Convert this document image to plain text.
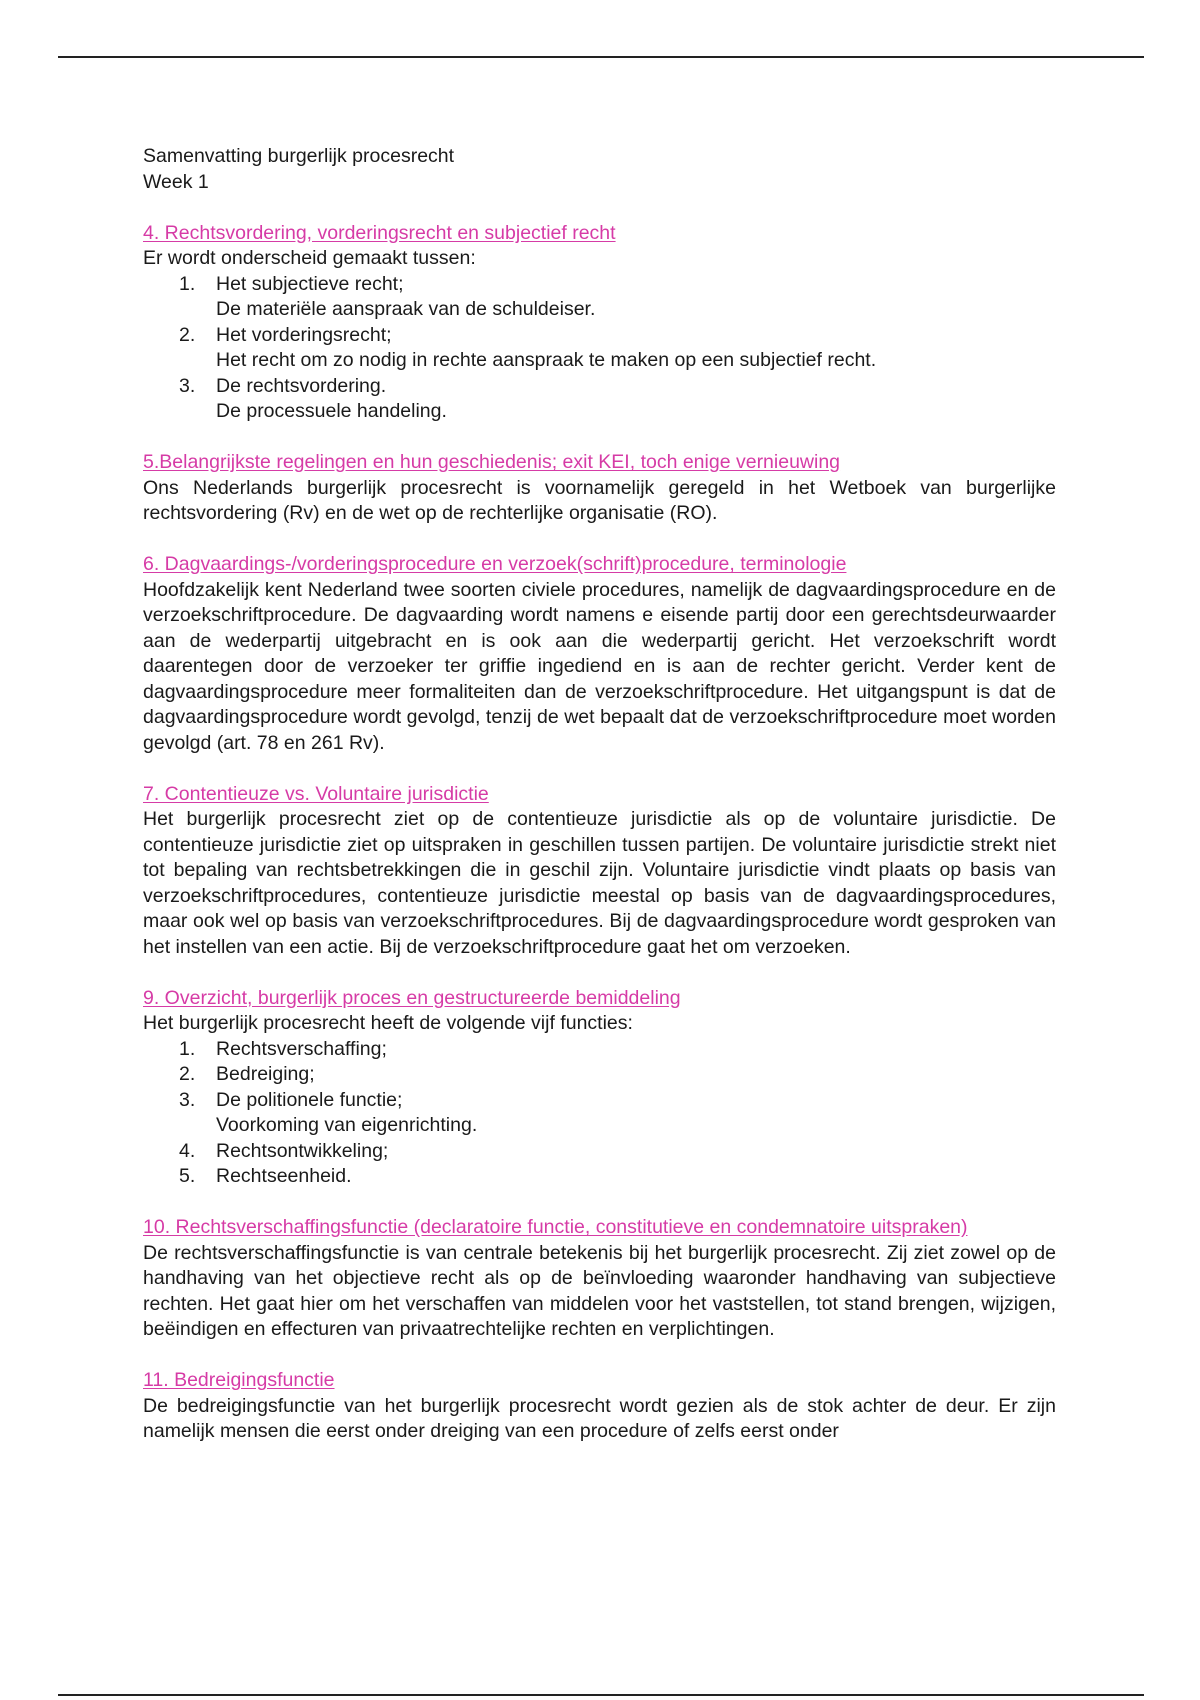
Samenvatting burgerlijk procesrecht

Week 1

4. Rechtsvordering, vorderingsrecht en subjectief recht

Er wordt onderscheid gemaakt tussen:

1.	Het subjectieve recht;
De materiële aanspraak van de schuldeiser.
2.	Het vorderingsrecht;
Het recht om zo nodig in rechte aanspraak te maken op een subjectief recht.
3.	De rechtsvordering.
De processuele handeling.
5.Belangrijkste regelingen en hun geschiedenis; exit KEI, toch enige vernieuwing

Ons Nederlands burgerlijk procesrecht is voornamelijk geregeld in het Wetboek van burgerlijke rechtsvordering (Rv) en de wet op de rechterlijke organisatie (RO).

6. Dagvaardings-/vorderingsprocedure en verzoek(schrift)procedure, terminologie

Hoofdzakelijk kent Nederland twee soorten civiele procedures, namelijk de dagvaardingsprocedure en de verzoekschriftprocedure. De dagvaarding wordt namens e eisende partij door een gerechtsdeurwaarder aan de wederpartij uitgebracht en is ook aan die wederpartij gericht. Het verzoekschrift wordt daarentegen door de verzoeker ter griffie ingediend en is aan de rechter gericht. Verder kent de dagvaardingsprocedure meer formaliteiten dan de verzoekschriftprocedure. Het uitgangspunt is dat de dagvaardingsprocedure wordt gevolgd, tenzij de wet bepaalt dat de verzoekschriftprocedure moet worden gevolgd (art. 78 en 261 Rv).

7. Contentieuze vs. Voluntaire jurisdictie

Het burgerlijk procesrecht ziet op de contentieuze jurisdictie als op de voluntaire jurisdictie. De contentieuze jurisdictie ziet op uitspraken in geschillen tussen partijen. De voluntaire jurisdictie strekt niet tot bepaling van rechtsbetrekkingen die in geschil zijn. Voluntaire jurisdictie vindt plaats op basis van verzoekschriftprocedures, contentieuze jurisdictie meestal op basis van de dagvaardingsprocedures, maar ook wel op basis van verzoekschriftprocedures. Bij de dagvaardingsprocedure wordt gesproken van het instellen van een actie. Bij de verzoekschriftprocedure gaat het om verzoeken.

9. Overzicht, burgerlijk proces en gestructureerde bemiddeling

Het burgerlijk procesrecht heeft de volgende vijf functies:

1.	Rechtsverschaffing;
2.	Bedreiging;
3.	De politionele functie;
Voorkoming van eigenrichting.
4.	Rechtsontwikkeling;
5.	Rechtseenheid.
10. Rechtsverschaffingsfunctie (declaratoire functie, constitutieve en condemnatoire uitspraken)

De rechtsverschaffingsfunctie is van centrale betekenis bij het burgerlijk procesrecht. Zij ziet zowel op de handhaving van het objectieve recht als op de beïnvloeding waaronder handhaving van subjectieve rechten. Het gaat hier om het verschaffen van middelen voor het vaststellen, tot stand brengen, wijzigen, beëindigen en effecturen van privaatrechtelijke rechten en verplichtingen.

11. Bedreigingsfunctie

De bedreigingsfunctie van het burgerlijk procesrecht wordt gezien als de stok achter de deur. Er zijn namelijk mensen die eerst onder dreiging van een procedure of zelfs eerst onder
